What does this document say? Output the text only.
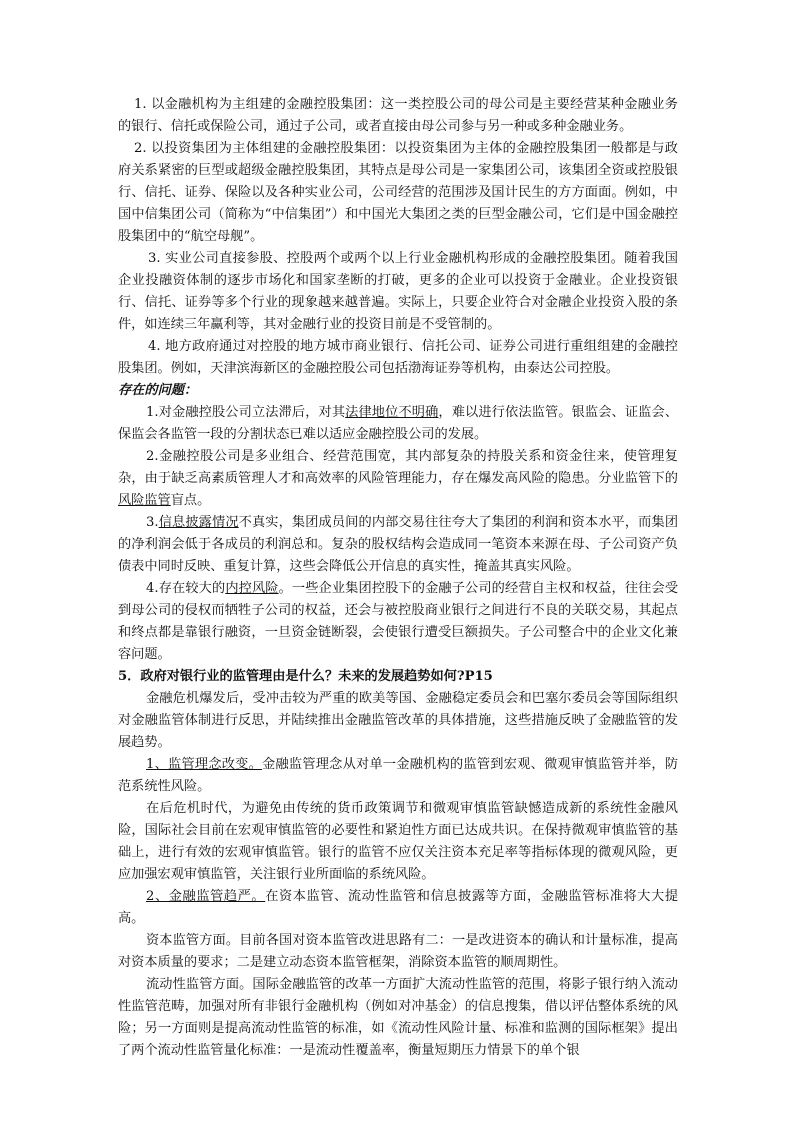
1. 以金融机构为主组建的金融控股集团：这一类控股公司的母公司是主要经营某种金融业务的银行、信托或保险公司，通过子公司，或者直接由母公司参与另一种或多种金融业务。

2. 以投资集团为主体组建的金融控股集团：以投资集团为主体的金融控股集团一般都是与政府关系紧密的巨型或超级金融控股集团，其特点是母公司是一家集团公司，该集团全资或控股银行、信托、证券、保险以及各种实业公司，公司经营的范围涉及国计民生的方方面面。例如，中国中信集团公司（简称为“中信集团”）和中国光大集团之类的巨型金融公司，它们是中国金融控股集团中的“航空母舰”。

3. 实业公司直接参股、控股两个或两个以上行业金融机构形成的金融控股集团。随着我国企业投融资体制的逐步市场化和国家垄断的打破，更多的企业可以投资于金融业。企业投资银行、信托、证券等多个行业的现象越来越普遍。实际上，只要企业符合对金融企业投资入股的条件，如连续三年赢利等，其对金融行业的投资目前是不受管制的。

4. 地方政府通过对控股的地方城市商业银行、信托公司、证券公司进行重组组建的金融控股集团。例如，天津滨海新区的金融控股公司包括渤海证券等机构，由泰达公司控股。

存在的问题：

1.对金融控股公司立法滞后，对其法律地位不明确，难以进行依法监管。银监会、证监会、保监会各监管一段的分割状态已难以适应金融控股公司的发展。

2.金融控股公司是多业组合、经营范围宽，其内部复杂的持股关系和资金往来，使管理复杂，由于缺乏高素质管理人才和高效率的风险管理能力，存在爆发高风险的隐患。分业监管下的风险监管盲点。

3.信息披露情况不真实，集团成员间的内部交易往往夸大了集团的利润和资本水平，而集团的净利润会低于各成员的利润总和。复杂的股权结构会造成同一笔资本来源在母、子公司资产负债表中同时反映、重复计算，这些会降低公开信息的真实性，掩盖其真实风险。

4.存在较大的内控风险。一些企业集团控股下的金融子公司的经营自主权和权益，往往会受到母公司的侵权而牺牲子公司的权益，还会与被控股商业银行之间进行不良的关联交易，其起点和终点都是靠银行融资，一旦资金链断裂，会使银行遭受巨额损失。子公司整合中的企业文化兼容问题。

5．政府对银行业的监管理由是什么？未来的发展趋势如何?P15

金融危机爆发后，受冲击较为严重的欧美等国、金融稳定委员会和巴塞尔委员会等国际组织对金融监管体制进行反思，并陆续推出金融监管改革的具体措施，这些措施反映了金融监管的发展趋势。

1、监管理念改变。金融监管理念从对单一金融机构的监管到宏观、微观审慎监管并举，防范系统性风险。

在后危机时代，为避免由传统的货币政策调节和微观审慎监管缺憾造成新的系统性金融风险，国际社会目前在宏观审慎监管的必要性和紧迫性方面已达成共识。在保持微观审慎监管的基础上，进行有效的宏观审慎监管。银行的监管不应仅关注资本充足率等指标体现的微观风险，更应加强宏观审慎监管，关注银行业所面临的系统风险。

2、金融监管趋严。在资本监管、流动性监管和信息披露等方面，金融监管标准将大大提高。

资本监管方面。目前各国对资本监管改进思路有二：一是改进资本的确认和计量标准，提高对资本质量的要求；二是建立动态资本监管框架，消除资本监管的顺周期性。

流动性监管方面。国际金融监管的改革一方面扩大流动性监管的范围，将影子银行纳入流动性监管范畴，加强对所有非银行金融机构（例如对冲基金）的信息搜集，借以评估整体系统的风险；另一方面则是提高流动性监管的标准，如《流动性风险计量、标准和监测的国际框架》提出了两个流动性监管量化标准：一是流动性覆盖率，衡量短期压力情景下的单个银
